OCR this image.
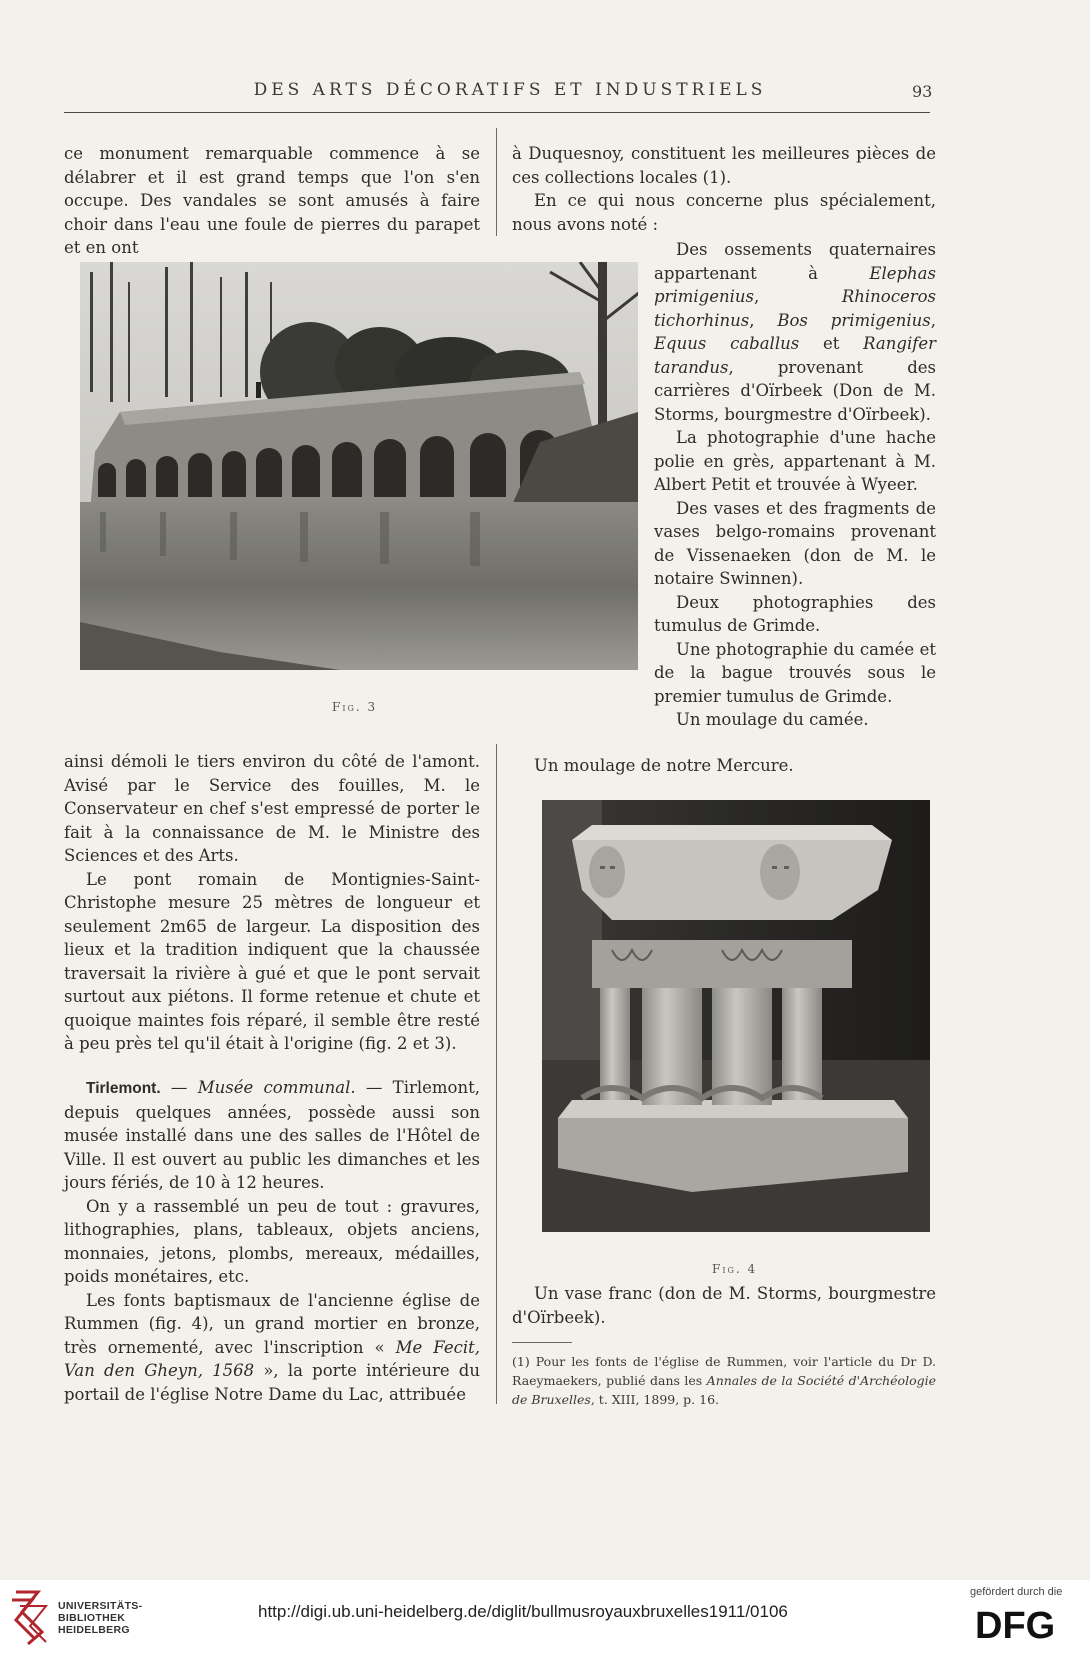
DES ARTS DÉCORATIFS ET INDUSTRIELS	93

ce monument remarquable commence à se délabrer et il est grand temps que l'on s'en occupe. Des vandales se sont amusés à faire choir dans l'eau une foule de pierres du parapet et en ont

Fig. 3

ainsi démoli le tiers environ du côté de l'amont. Avisé par le Service des fouilles, M. le Conservateur en chef s'est empressé de porter le fait à la connaissance de M. le Ministre des Sciences et des Arts.

Le pont romain de Montignies-Saint-Christophe mesure 25 mètres de longueur et seulement 2m65 de largeur. La disposition des lieux et la tradition indiquent que la chaussée traversait la rivière à gué et que le pont servait surtout aux piétons. Il forme retenue et chute et quoique maintes fois réparé, il semble être resté à peu près tel qu'il était à l'origine (fig. 2 et 3).

Tirlemont. — Musée communal. — Tirlemont, depuis quelques années, possède aussi son musée installé dans une des salles de l'Hôtel de Ville. Il est ouvert au public les dimanches et les jours fériés, de 10 à 12 heures.

On y a rassemblé un peu de tout : gravures, lithographies, plans, tableaux, objets anciens, monnaies, jetons, plombs, mereaux, médailles, poids monétaires, etc.

Les fonts baptismaux de l'ancienne église de Rummen (fig. 4), un grand mortier en bronze, très ornementé, avec l'inscription « Me Fecit, Van den Gheyn, 1568 », la porte intérieure du portail de l'église Notre Dame du Lac, attribuée

à Duquesnoy, constituent les meilleures pièces de ces collections locales (1).

En ce qui nous concerne plus spécialement, nous avons noté :

Des ossements quaternaires appartenant à Elephas primigenius, Rhinoceros tichorhinus, Bos primigenius, Equus caballus et Rangifer tarandus, provenant des carrières d'Oïrbeek (Don de M. Storms, bourgmestre d'Oïrbeek).

La photographie d'une hache polie en grès, appartenant à M. Albert Petit et trouvée à Wyeer.

Des vases et des fragments de vases belgo-romains provenant de Vissenaeken (don de M. le notaire Swinnen).

Deux photographies des tumulus de Grimde.

Une photographie du camée et de la bague trouvés sous le premier tumulus de Grimde.

Un moulage du camée.

Un moulage de notre Mercure.

Fig. 4

Un vase franc (don de M. Storms, bourgmestre d'Oïrbeek).

(1) Pour les fonts de l'église de Rummen, voir l'article du Dr D. Raeymaekers, publié dans les Annales de la Société d'Archéologie de Bruxelles, t. XIII, 1899, p. 16.
UNIVERSITÄTS-
BIBLIOTHEK
HEIDELBERG
http://digi.ub.uni-heidelberg.de/diglit/bullmusroyauxbruxelles1911/0106
gefördert durch die
DFG
